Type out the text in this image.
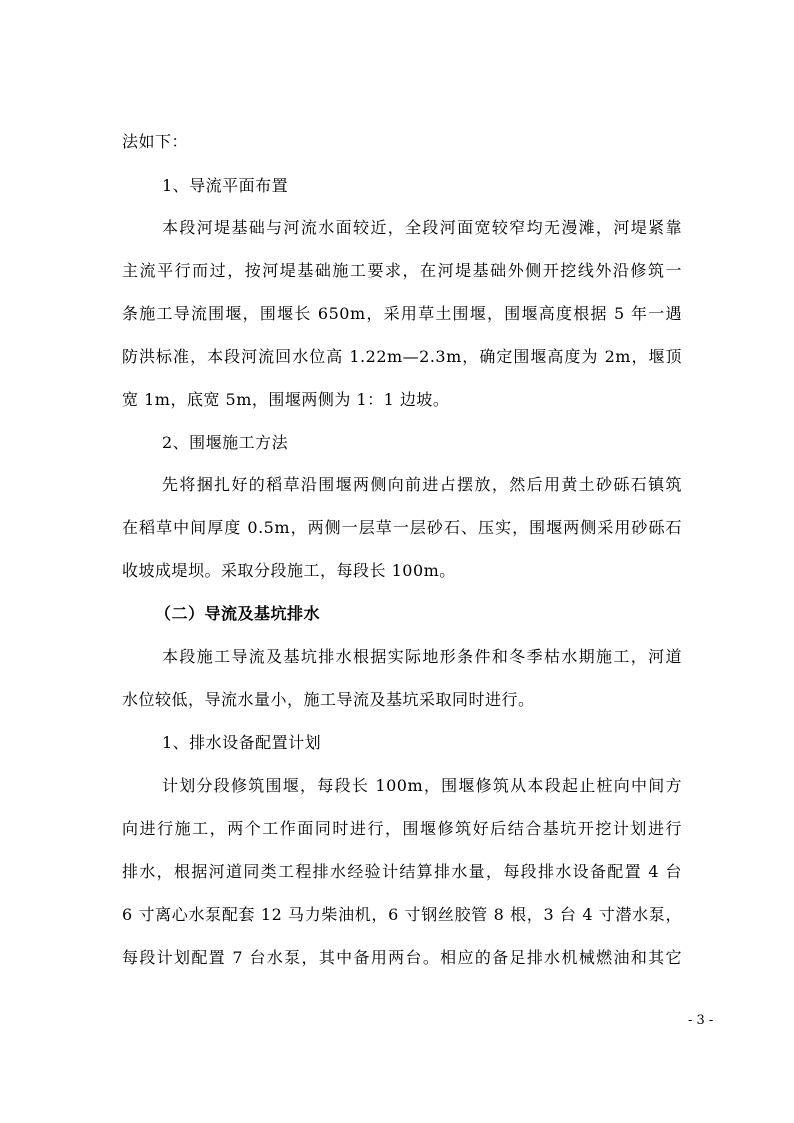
法如下：
1、导流平面布置
本段河堤基础与河流水面较近，全段河面宽较窄均无漫滩，河堤紧靠
主流平行而过，按河堤基础施工要求，在河堤基础外侧开挖线外沿修筑一
条施工导流围堰，围堰长 650m，采用草土围堰，围堰高度根据 5 年一遇
防洪标准，本段河流回水位高 1.22m—2.3m，确定围堰高度为 2m，堰顶
宽 1m，底宽 5m，围堰两侧为 1：1 边坡。
2、围堰施工方法
先将捆扎好的稻草沿围堰两侧向前进占摆放，然后用黄土砂砾石镇筑
在稻草中间厚度 0.5m，两侧一层草一层砂石、压实，围堰两侧采用砂砾石
收坡成堤坝。采取分段施工，每段长 100m。
（二）导流及基坑排水
本段施工导流及基坑排水根据实际地形条件和冬季枯水期施工，河道
水位较低，导流水量小，施工导流及基坑采取同时进行。
1、排水设备配置计划
计划分段修筑围堰，每段长 100m，围堰修筑从本段起止桩向中间方
向进行施工，两个工作面同时进行，围堰修筑好后结合基坑开挖计划进行
排水，根据河道同类工程排水经验计结算排水量，每段排水设备配置 4 台
6 寸离心水泵配套 12 马力柴油机，6 寸钢丝胶管 8 根，3 台 4 寸潜水泵，
每段计划配置 7 台水泵，其中备用两台。相应的备足排水机械燃油和其它
- 3 -
